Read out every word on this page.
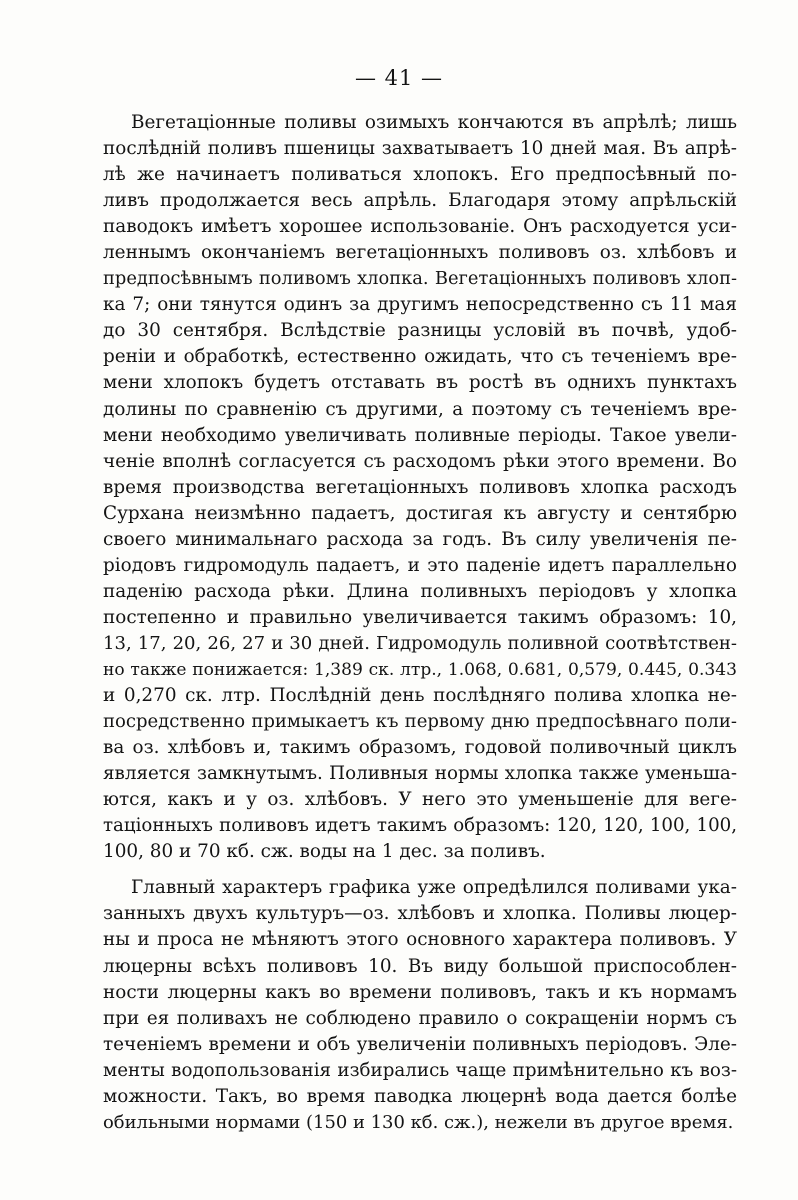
— 41 —
Вегетаціонные поливы озимыхъ кончаются въ апрѣлѣ; лишь
послѣдній поливъ пшеницы захватываетъ 10 дней мая. Въ апрѣ-
лѣ же начинаетъ поливаться хлопокъ. Его предпосѣвный по-
ливъ продолжается весь апрѣль. Благодаря этому апрѣльскій
паводокъ имѣетъ хорошее использованіе. Онъ расходуется уси-
леннымъ окончаніемъ вегетаціонныхъ поливовъ оз. хлѣбовъ и
предпосѣвнымъ поливомъ хлопка. Вегетаціонныхъ поливовъ хлоп-
ка 7; они тянутся одинъ за другимъ непосредственно съ 11 мая
до 30 сентября. Вслѣдствіе разницы условій въ почвѣ, удоб-
реніи и обработкѣ, естественно ожидать, что съ теченіемъ вре-
мени хлопокъ будетъ отставать въ ростѣ въ однихъ пунктахъ
долины по сравненію съ другими, а поэтому съ теченіемъ вре-
мени необходимо увеличивать поливные періоды. Такое увели-
ченіе вполнѣ согласуется съ расходомъ рѣки этого времени. Во
время производства вегетаціонныхъ поливовъ хлопка расходъ
Сурхана неизмѣнно падаетъ, достигая къ августу и сентябрю
своего минимальнаго расхода за годъ. Въ силу увеличенія пе-
ріодовъ гидромодуль падаетъ, и это паденіе идетъ параллельно
паденію расхода рѣки. Длина поливныхъ періодовъ у хлопка
постепенно и правильно увеличивается такимъ образомъ: 10,
13, 17, 20, 26, 27 и 30 дней. Гидромодуль поливной соотвѣтствен-
но также понижается: 1,389 ск. лтр., 1.068, 0.681, 0,579, 0.445, 0.343
и 0,270 ск. лтр. Послѣдній день послѣдняго полива хлопка не-
посредственно примыкаетъ къ первому дню предпосѣвнаго поли-
ва оз. хлѣбовъ и, такимъ образомъ, годовой поливочный циклъ
является замкнутымъ. Поливныя нормы хлопка также уменьша-
ются, какъ и у оз. хлѣбовъ. У него это уменьшеніе для веге-
таціонныхъ поливовъ идетъ такимъ образомъ: 120, 120, 100, 100,
100, 80 и 70 кб. сж. воды на 1 дес. за поливъ.
Главный характеръ графика уже опредѣлился поливами ука-
занныхъ двухъ культуръ—оз. хлѣбовъ и хлопка. Поливы люцер-
ны и проса не мѣняютъ этого основного характера поливовъ. У
люцерны всѣхъ поливовъ 10. Въ виду большой приспособлен-
ности люцерны какъ во времени поливовъ, такъ и къ нормамъ
при ея поливахъ не соблюдено правило о сокращеніи нормъ съ
теченіемъ времени и объ увеличеніи поливныхъ періодовъ. Эле-
менты водопользованія избирались чаще примѣнительно къ воз-
можности. Такъ, во время паводка люцернѣ вода дается болѣе
обильными нормами (150 и 130 кб. сж.), нежели въ другое время.
